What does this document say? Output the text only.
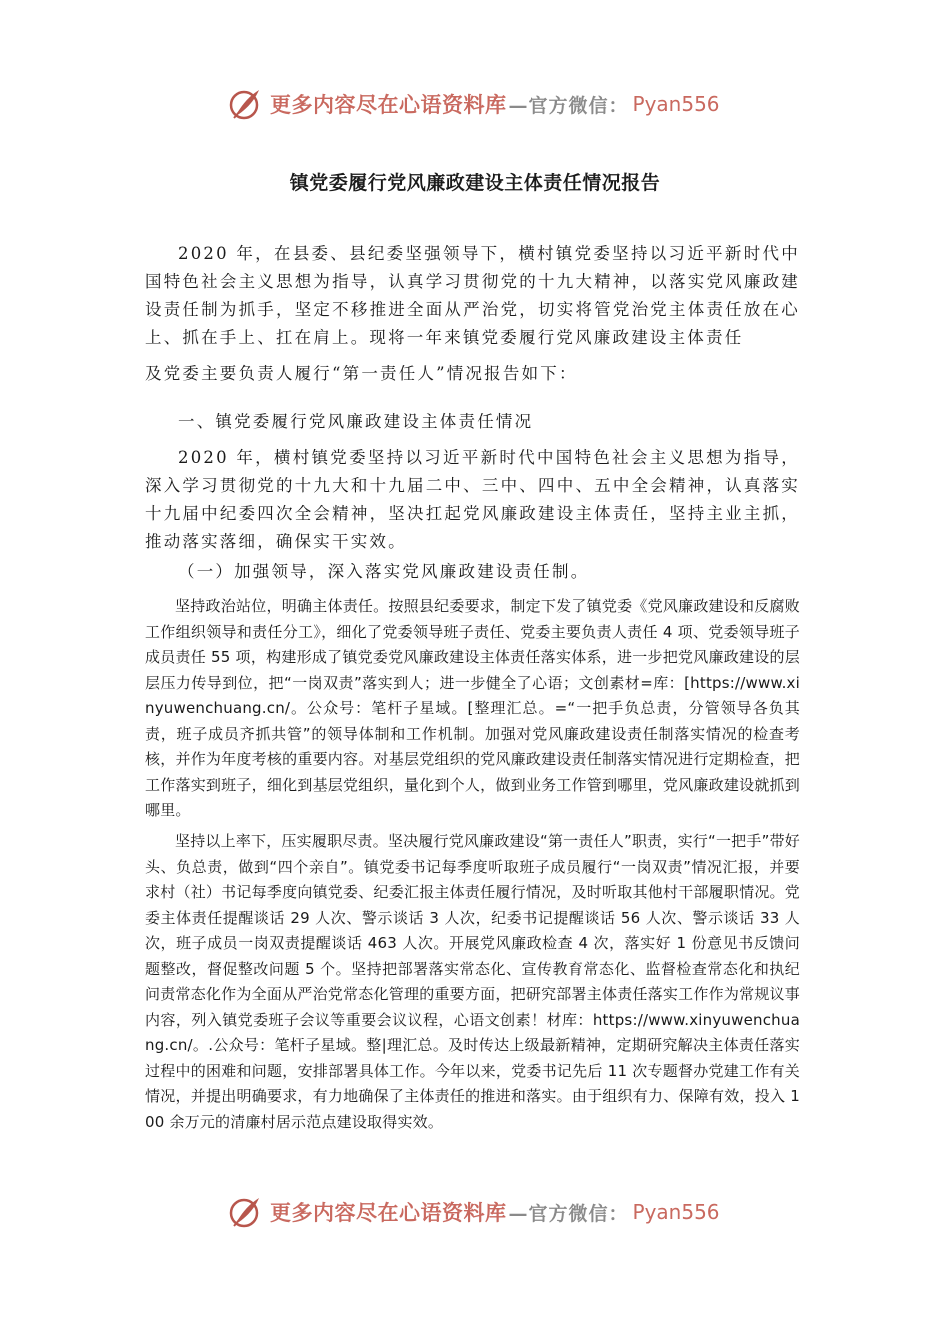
更多内容尽在心语资料库 —官方微信： Pyan556
镇党委履行党风廉政建设主体责任情况报告

2020 年，在县委、县纪委坚强领导下，横村镇党委坚持以习近平新时代中国特色社会主义思想为指导，认真学习贯彻党的十九大精神，以落实党风廉政建设责任制为抓手，坚定不移推进全面从严治党，切实将管党治党主体责任放在心上、抓在手上、扛在肩上。现将一年来镇党委履行党风廉政建设主体责任

及党委主要负责人履行“第一责任人”情况报告如下：

一、镇党委履行党风廉政建设主体责任情况

2020 年，横村镇党委坚持以习近平新时代中国特色社会主义思想为指导，深入学习贯彻党的十九大和十九届二中、三中、四中、五中全会精神，认真落实十九届中纪委四次全会精神，坚决扛起党风廉政建设主体责任，坚持主业主抓，推动落实落细，确保实干实效。

（一）加强领导，深入落实党风廉政建设责任制。

坚持政治站位，明确主体责任。按照县纪委要求，制定下发了镇党委《党风廉政建设和反腐败工作组织领导和责任分工》，细化了党委领导班子责任、党委主要负责人责任 4 项、党委领导班子成员责任 55 项，构建形成了镇党委党风廉政建设主体责任落实体系，进一步把党风廉政建设的层层压力传导到位，把“一岗双责”落实到人；进一步健全了心语；文创素材=库：[https://www.xinyuwenchuang.cn/。公众号：笔杆子星域。[整理汇总。=“一把手负总责，分管领导各负其责，班子成员齐抓共管”的领导体制和工作机制。加强对党风廉政建设责任制落实情况的检查考核，并作为年度考核的重要内容。对基层党组织的党风廉政建设责任制落实情况进行定期检查，把工作落实到班子，细化到基层党组织，量化到个人，做到业务工作管到哪里，党风廉政建设就抓到哪里。

坚持以上率下，压实履职尽责。坚决履行党风廉政建设“第一责任人”职责，实行“一把手”带好头、负总责，做到“四个亲自”。镇党委书记每季度听取班子成员履行“一岗双责”情况汇报，并要求村（社）书记每季度向镇党委、纪委汇报主体责任履行情况，及时听取其他村干部履职情况。党委主体责任提醒谈话 29 人次、警示谈话 3 人次，纪委书记提醒谈话 56 人次、警示谈话 33 人次，班子成员一岗双责提醒谈话 463 人次。开展党风廉政检查 4 次，落实好 1 份意见书反馈问题整改，督促整改问题 5 个。坚持把部署落实常态化、宣传教育常态化、监督检查常态化和执纪问责常态化作为全面从严治党常态化管理的重要方面，把研究部署主体责任落实工作作为常规议事内容，列入镇党委班子会议等重要会议议程，心语文创素！材库：https://www.xinyuwenchuang.cn/。.公众号：笔杆子星域。整|理汇总。及时传达上级最新精神，定期研究解决主体责任落实过程中的困难和问题，安排部署具体工作。今年以来，党委书记先后 11 次专题督办党建工作有关情况，并提出明确要求，有力地确保了主体责任的推进和落实。由于组织有力、保障有效，投入 100 余万元的清廉村居示范点建设取得实效。

更多内容尽在心语资料库 —官方微信： Pyan556
